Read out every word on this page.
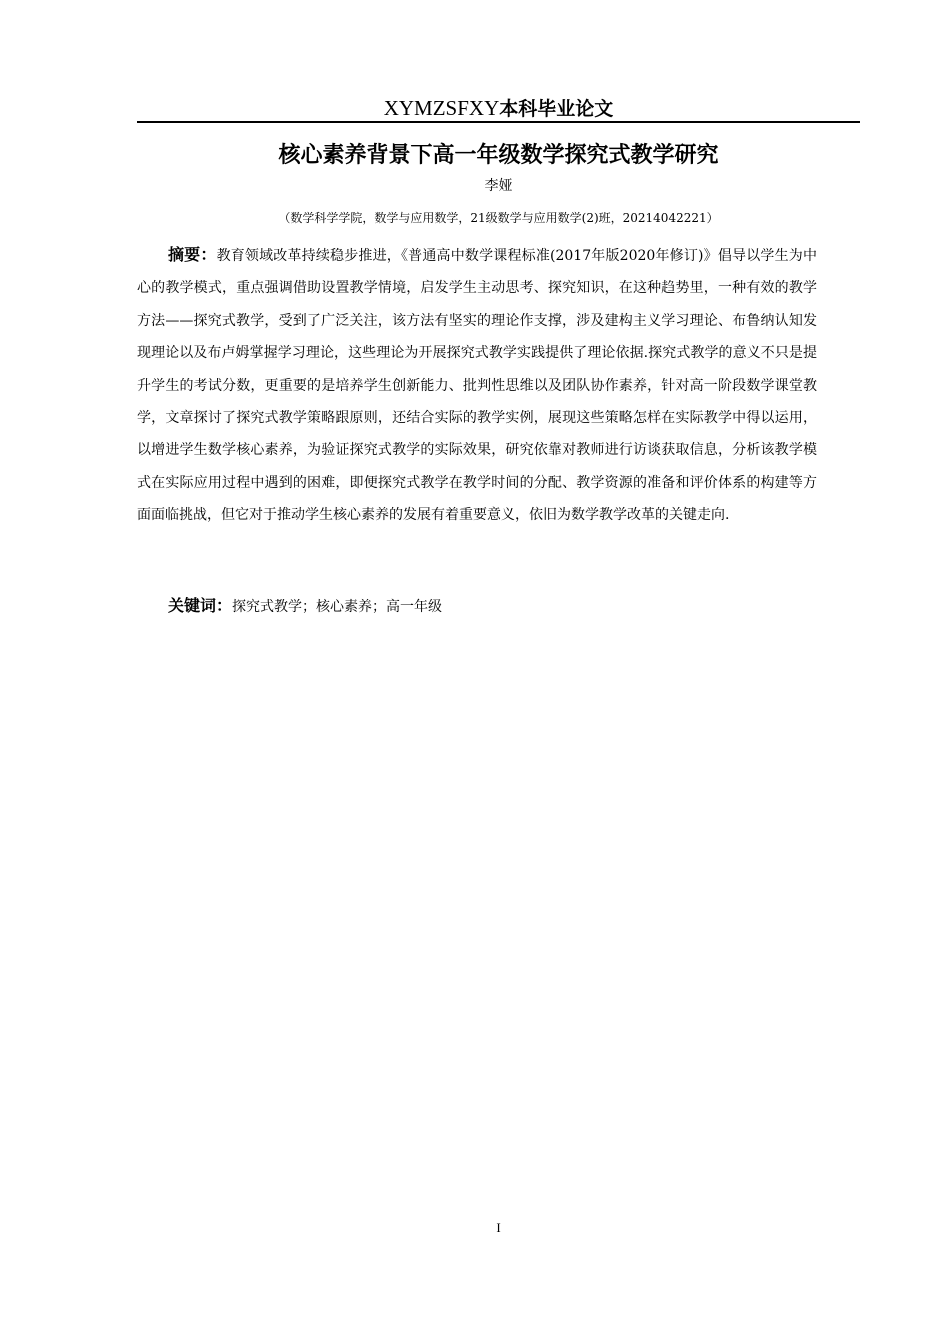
XYMZSFXY本科毕业论文
核心素养背景下高一年级数学探究式教学研究
李娅
（数学科学学院，数学与应用数学，21级数学与应用数学(2)班，20214042221）

摘要：教育领域改革持续稳步推进，《普通高中数学课程标准(2017年版2020年修订)》倡导以学生为中心的教学模式，重点强调借助设置教学情境，启发学生主动思考、探究知识，在这种趋势里，一种有效的教学方法——探究式教学，受到了广泛关注，该方法有坚实的理论作支撑，涉及建构主义学习理论、布鲁纳认知发现理论以及布卢姆掌握学习理论，这些理论为开展探究式教学实践提供了理论依据.探究式教学的意义不只是提升学生的考试分数，更重要的是培养学生创新能力、批判性思维以及团队协作素养，针对高一阶段数学课堂教学，文章探讨了探究式教学策略跟原则，还结合实际的教学实例，展现这些策略怎样在实际教学中得以运用，以增进学生数学核心素养，为验证探究式教学的实际效果，研究依靠对教师进行访谈获取信息，分析该教学模式在实际应用过程中遇到的困难，即便探究式教学在教学时间的分配、教学资源的准备和评价体系的构建等方面面临挑战，但它对于推动学生核心素养的发展有着重要意义，依旧为数学教学改革的关键走向.

关键词：探究式教学；核心素养；高一年级

I
